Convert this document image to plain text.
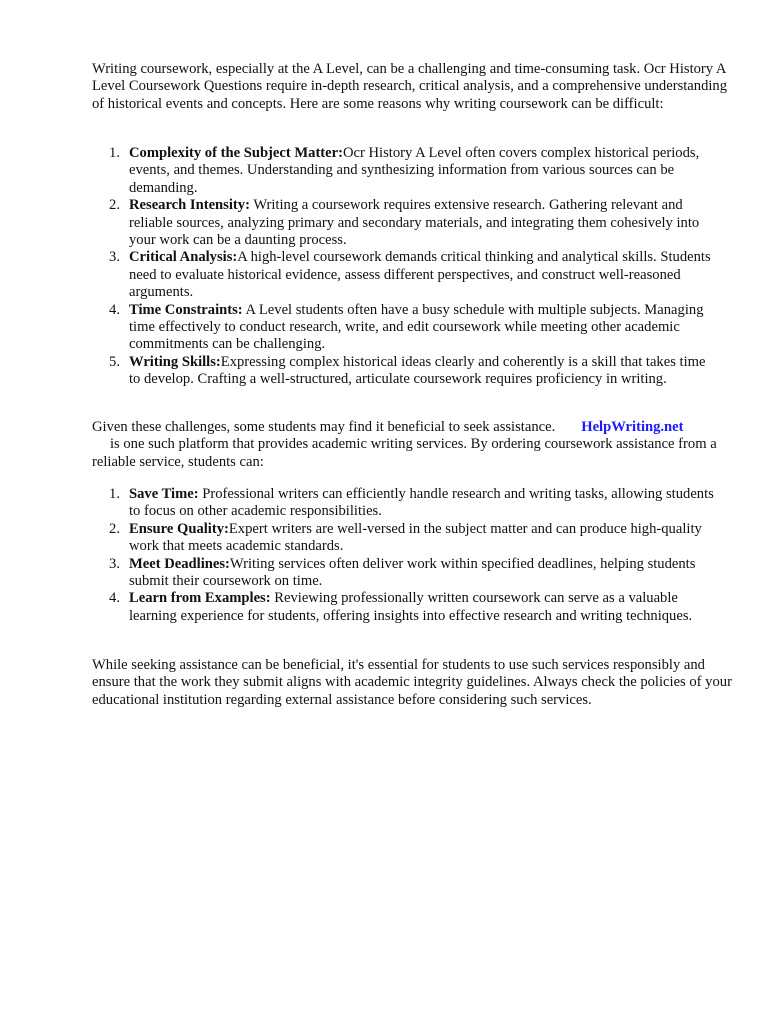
Writing coursework, especially at the A Level, can be a challenging and time-consuming task. Ocr History A Level Coursework Questions require in-depth research, critical analysis, and a comprehensive understanding of historical events and concepts. Here are some reasons why writing coursework can be difficult:

1. Complexity of the Subject Matter:Ocr History A Level often covers complex historical periods, events, and themes. Understanding and synthesizing information from various sources can be demanding.
2. Research Intensity: Writing a coursework requires extensive research. Gathering relevant and reliable sources, analyzing primary and secondary materials, and integrating them cohesively into your work can be a daunting process.
3. Critical Analysis:A high-level coursework demands critical thinking and analytical skills. Students need to evaluate historical evidence, assess different perspectives, and construct well-reasoned arguments.
4. Time Constraints: A Level students often have a busy schedule with multiple subjects. Managing time effectively to conduct research, write, and edit coursework while meeting other academic commitments can be challenging.
5. Writing Skills:Expressing complex historical ideas clearly and coherently is a skill that takes time to develop. Crafting a well-structured, articulate coursework requires proficiency in writing.

Given these challenges, some students may find it beneficial to seek assistance. HelpWriting.net
is one such platform that provides academic writing services. By ordering coursework assistance from a reliable service, students can:

1. Save Time: Professional writers can efficiently handle research and writing tasks, allowing students to focus on other academic responsibilities.
2. Ensure Quality:Expert writers are well-versed in the subject matter and can produce high-quality work that meets academic standards.
3. Meet Deadlines:Writing services often deliver work within specified deadlines, helping students submit their coursework on time.
4. Learn from Examples: Reviewing professionally written coursework can serve as a valuable learning experience for students, offering insights into effective research and writing techniques.

While seeking assistance can be beneficial, it's essential for students to use such services responsibly and ensure that the work they submit aligns with academic integrity guidelines. Always check the policies of your educational institution regarding external assistance before considering such services.
